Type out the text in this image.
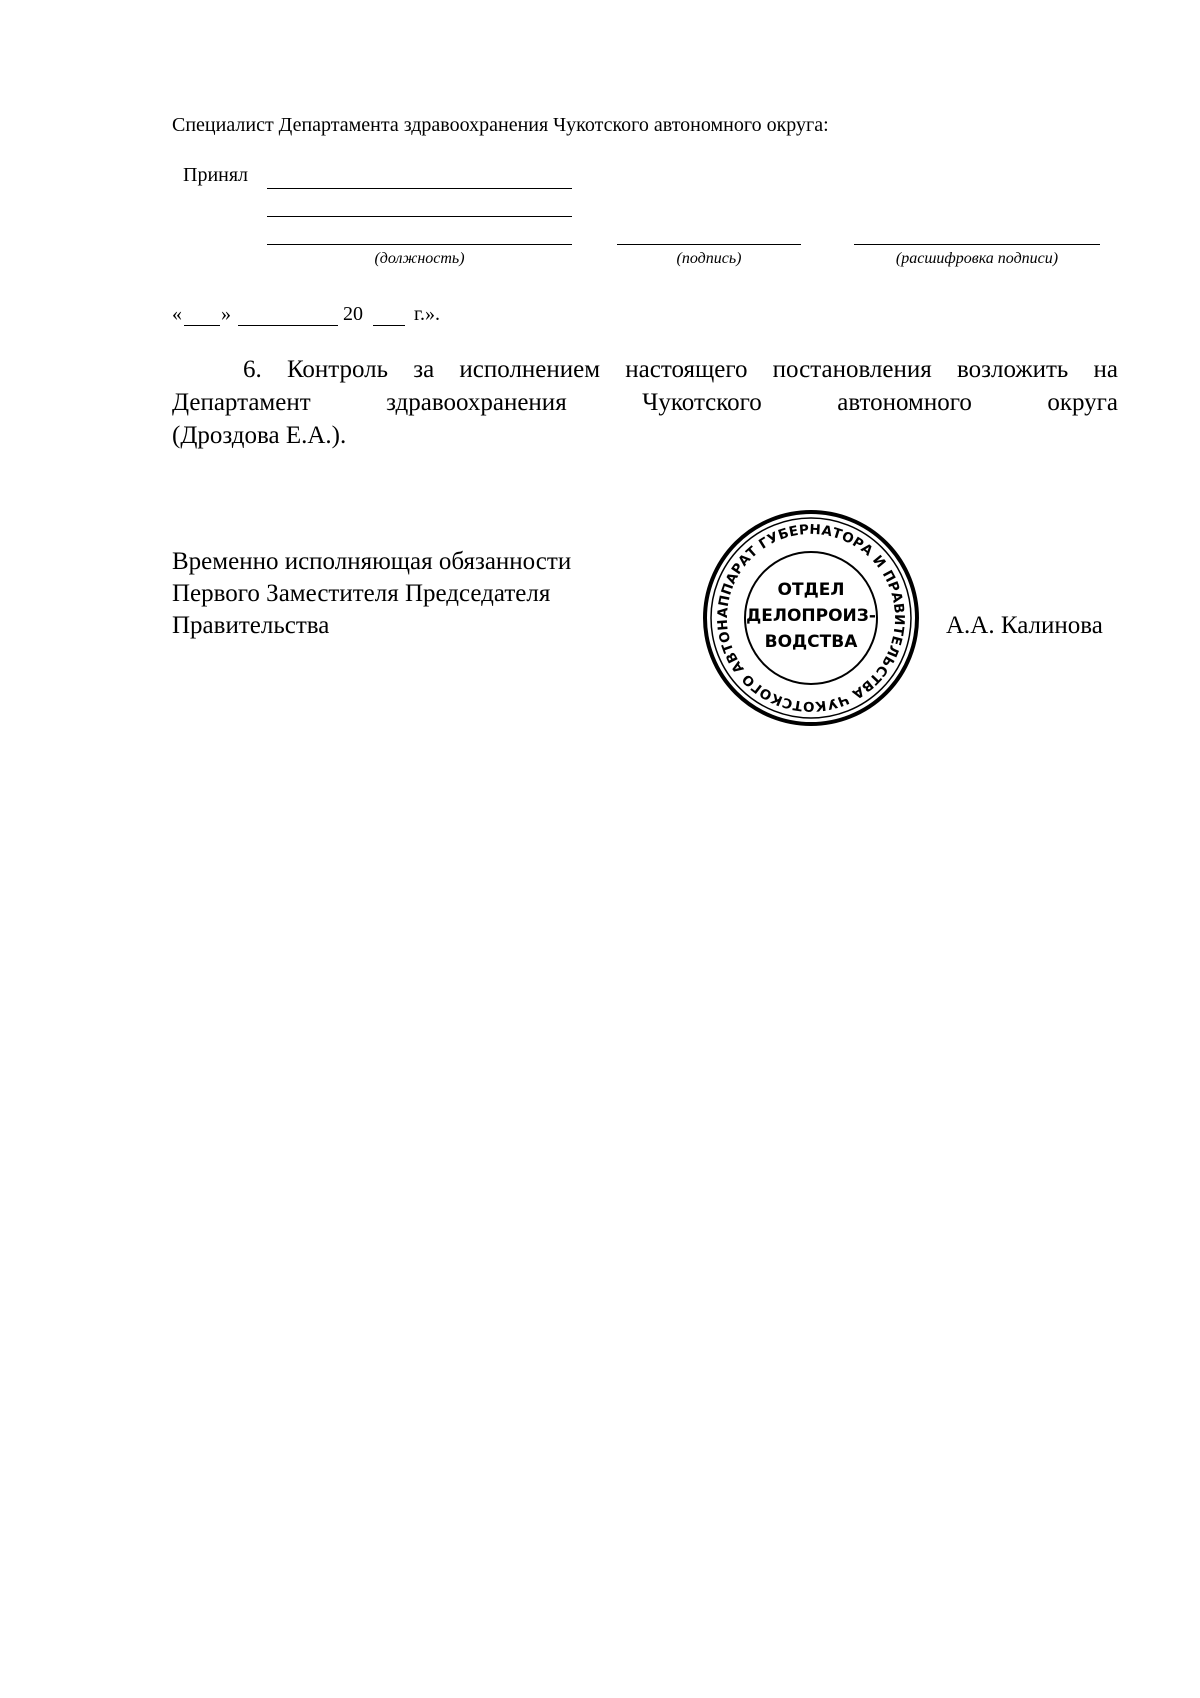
Специалист Департамента здравоохранения Чукотского автономного округа:
Принял
(должность)	(подпись)	(расшифровка подписи)
« »	20	г.».
6. Контроль за исполнением настоящего постановления возложить на
Департамент	здравоохранения	Чукотского	автономного	округа
(Дроздова Е.А.).
Временно исполняющая обязанности
Первого Заместителя Председателя
Правительства	А.А. Калинова
АППАРАТ ГУБЕРНАТОРА И ПРАВИТЕЛЬСТВА ЧУКОТСКОГО АВТОН
ОТДЕЛ
ДЕЛОПРОИЗ-
ВОДСТВА
